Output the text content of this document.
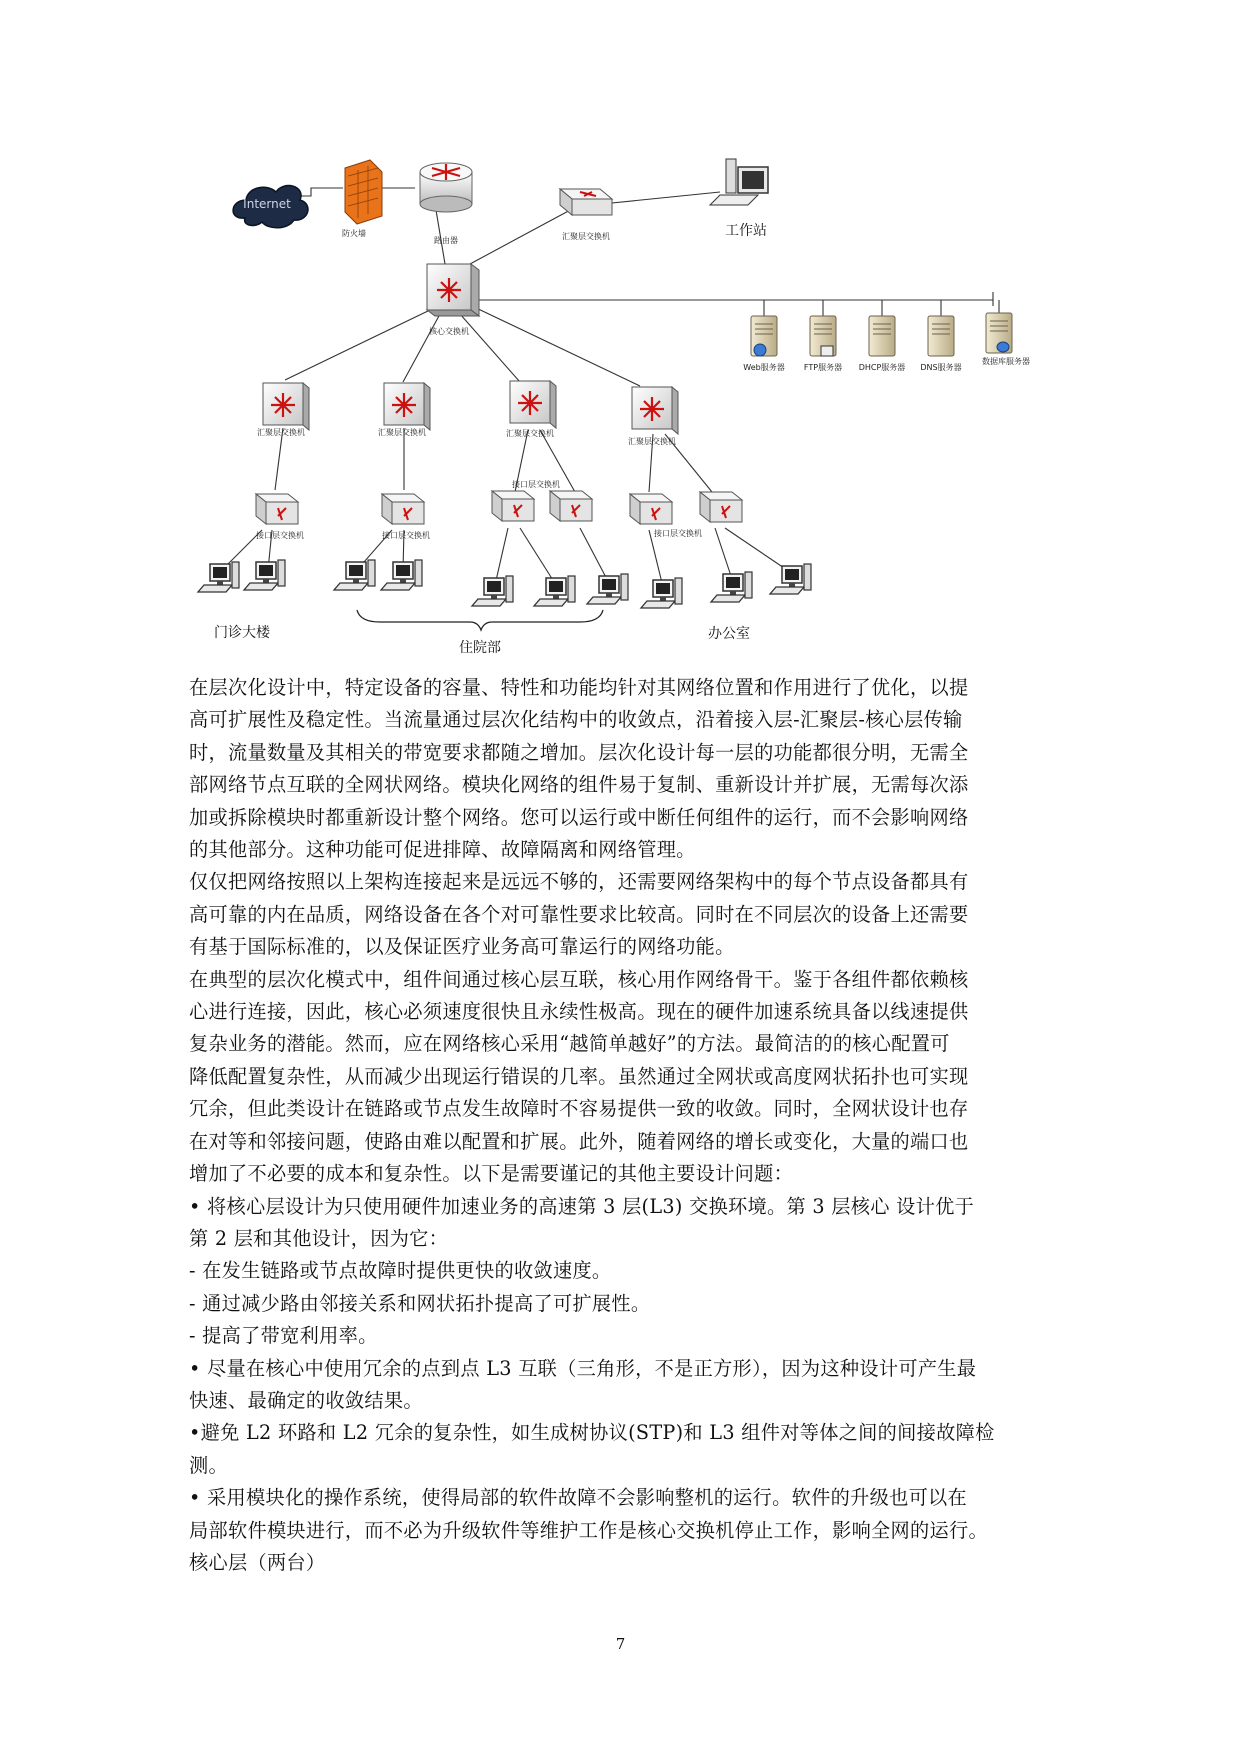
Internet
防火墙
路由器	汇聚层交换机	工作站
核心交换机
Web服务器 FTP服务器 DHCP服务器 DNS服务器
数据库服务器
汇聚层交换机	汇聚层交换机	汇聚层交换机
汇聚层交换机
接口层交换机	接口层交换机
接口层交换机
接口层交换机
门诊大楼
住院部
办公室

在层次化设计中，特定设备的容量、特性和功能均针对其网络位置和作用进行了优化，以提

高可扩展性及稳定性。当流量通过层次化结构中的收敛点，沿着接入层-汇聚层-核心层传输

时，流量数量及其相关的带宽要求都随之增加。层次化设计每一层的功能都很分明，无需全

部网络节点互联的全网状网络。模块化网络的组件易于复制、重新设计并扩展，无需每次添

加或拆除模块时都重新设计整个网络。您可以运行或中断任何组件的运行，而不会影响网络

的其他部分。这种功能可促进排障、故障隔离和网络管理。

仅仅把网络按照以上架构连接起来是远远不够的，还需要网络架构中的每个节点设备都具有

高可靠的内在品质，网络设备在各个对可靠性要求比较高。同时在不同层次的设备上还需要

有基于国际标准的，以及保证医疗业务高可靠运行的网络功能。

在典型的层次化模式中，组件间通过核心层互联，核心用作网络骨干。鉴于各组件都依赖核

心进行连接，因此，核心必须速度很快且永续性极高。现在的硬件加速系统具备以线速提供

复杂业务的潜能。然而，应在网络核心采用“越简单越好”的方法。最简洁的的核心配置可

降低配置复杂性，从而减少出现运行错误的几率。虽然通过全网状或高度网状拓扑也可实现

冗余，但此类设计在链路或节点发生故障时不容易提供一致的收敛。同时，全网状设计也存

在对等和邻接问题，使路由难以配置和扩展。此外，随着网络的增长或变化，大量的端口也

增加了不必要的成本和复杂性。以下是需要谨记的其他主要设计问题：

• 将核心层设计为只使用硬件加速业务的高速第 3 层(L3) 交换环境。第 3 层核心 设计优于

第 2 层和其他设计，因为它：

- 在发生链路或节点故障时提供更快的收敛速度。

- 通过减少路由邻接关系和网状拓扑提高了可扩展性。

- 提高了带宽利用率。

• 尽量在核心中使用冗余的点到点 L3 互联（三角形，不是正方形），因为这种设计可产生最

快速、最确定的收敛结果。

•避免 L2 环路和 L2 冗余的复杂性，如生成树协议(STP)和 L3 组件对等体之间的间接故障检

测。

• 采用模块化的操作系统，使得局部的软件故障不会影响整机的运行。软件的升级也可以在

局部软件模块进行，而不必为升级软件等维护工作是核心交换机停止工作，影响全网的运行。

核心层（两台）

7
